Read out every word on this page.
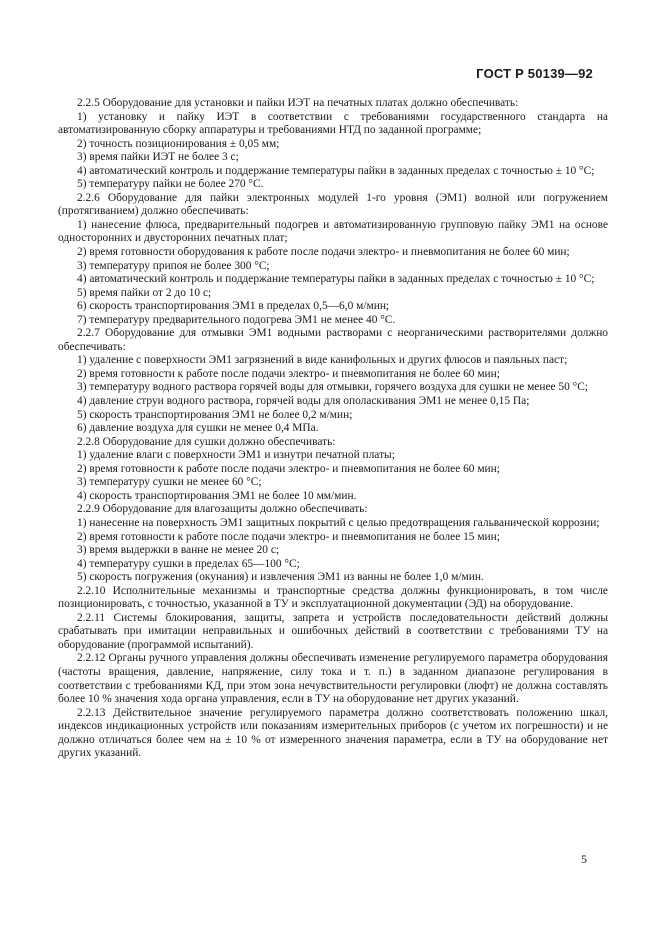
ГОСТ Р 50139—92

2.2.5 Оборудование для установки и пайки ИЭТ на печатных платах должно обеспечивать:

1) установку и пайку ИЭТ в соответствии с требованиями государственного стандарта на автоматизированную сборку аппаратуры и требованиями НТД по заданной программе;

2) точность позиционирования ± 0,05 мм;

3) время пайки ИЭТ не более 3 с;

4) автоматический контроль и поддержание температуры пайки в заданных пределах с точностью ± 10 °С;

5) температуру пайки не более 270 °С.

2.2.6 Оборудование для пайки электронных модулей 1-го уровня (ЭМ1) волной или погружением (протягиванием) должно обеспечивать:

1) нанесение флюса, предварительный подогрев и автоматизированную групповую пайку ЭМ1 на основе односторонних и двусторонних печатных плат;

2) время готовности оборудования к работе после подачи электро- и пневмопитания не более 60 мин;

3) температуру припоя не более 300 °С;

4) автоматический контроль и поддержание температуры пайки в заданных пределах с точностью ± 10 °С;

5) время пайки от 2 до 10 с;

6) скорость транспортирования ЭМ1 в пределах 0,5—6,0 м/мин;

7) температуру предварительного подогрева ЭМ1 не менее 40 °С.

2.2.7 Оборудование для отмывки ЭМ1 водными растворами с неорганическими растворителями должно обеспечивать:

1) удаление с поверхности ЭМ1 загрязнений в виде канифольных и других флюсов и паяльных паст;

2) время готовности к работе после подачи электро- и пневмопитания не более 60 мин;

3) температуру водного раствора горячей воды для отмывки, горячего воздуха для сушки не менее 50 °С;

4) давление струи водного раствора, горячей воды для ополаскивания ЭМ1 не менее 0,15 Па;

5) скорость транспортирования ЭМ1 не более 0,2 м/мин;

6) давление воздуха для сушки не менее 0,4 МПа.

2.2.8 Оборудование для сушки должно обеспечивать:

1) удаление влаги с поверхности ЭМ1 и изнутри печатной платы;

2) время готовности к работе после подачи электро- и пневмопитания не более 60 мин;

3) температуру сушки не менее 60 °С;

4) скорость транспортирования ЭМ1 не более 10 мм/мин.

2.2.9 Оборудование для влагозащиты должно обеспечивать:

1) нанесение на поверхность ЭМ1 защитных покрытий с целью предотвращения гальванической коррозии;

2) время готовности к работе после подачи электро- и пневмопитания не более 15 мин;

3) время выдержки в ванне не менее 20 с;

4) температуру сушки в пределах 65—100 °С;

5) скорость погружения (окунания) и извлечения ЭМ1 из ванны не более 1,0 м/мин.

2.2.10 Исполнительные механизмы и транспортные средства должны функционировать, в том числе позиционировать, с точностью, указанной в ТУ и эксплуатационной документации (ЭД) на оборудование.

2.2.11 Системы блокирования, защиты, запрета и устройств последовательности действий должны срабатывать при имитации неправильных и ошибочных действий в соответствии с требованиями ТУ на оборудование (программой испытаний).

2.2.12 Органы ручного управления должны обеспечивать изменение регулируемого параметра оборудования (частоты вращения, давление, напряжение, силу тока и т. п.) в заданном диапазоне регулирования в соответствии с требованиями КД, при этом зона нечувствительности регулировки (люфт) не должна составлять более 10 % значения хода органа управления, если в ТУ на оборудование нет других указаний.

2.2.13 Действительное значение регулируемого параметра должно соответствовать положению шкал, индексов индикационных устройств или показаниям измерительных приборов (с учетом их погрешности) и не должно отличаться более чем на ± 10 % от измеренного значения параметра, если в ТУ на оборудование нет других указаний.

5
